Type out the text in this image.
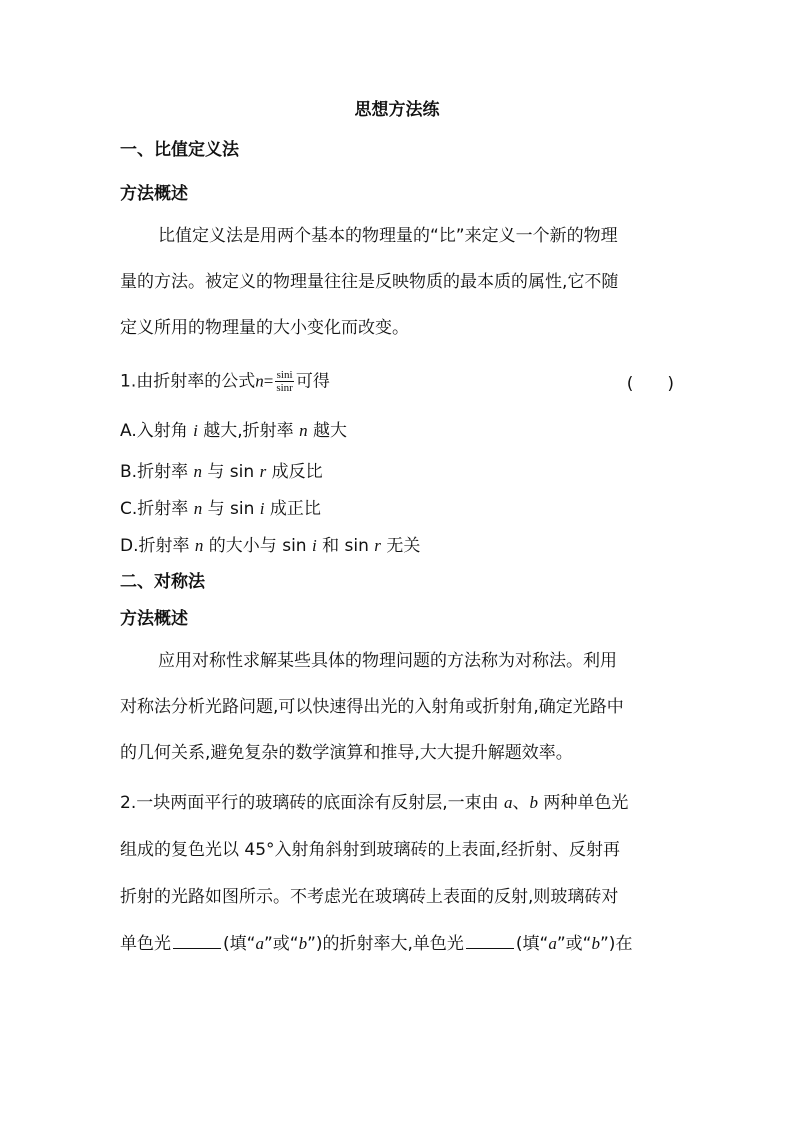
思想方法练
一、比值定义法
方法概述
比值定义法是用两个基本的物理量的“比”来定义一个新的物理
量的方法。被定义的物理量往往是反映物质的最本质的属性,它不随
定义所用的物理量的大小变化而改变。
1.由折射率的公式$n= \frac{\sin i}{\sin r}$ 可得	(　　)
A.入射角 i 越大,折射率 n 越大
B.折射率 n 与 sin r 成反比
C.折射率 n 与 sin i 成正比
D.折射率 n 的大小与 sin i 和 sin r 无关
二、对称法
方法概述
应用对称性求解某些具体的物理问题的方法称为对称法。利用
对称法分析光路问题,可以快速得出光的入射角或折射角,确定光路中
的几何关系,避免复杂的数学演算和推导,大大提升解题效率。
2.一块两面平行的玻璃砖的底面涂有反射层,一束由 a、b 两种单色光
组成的复色光以 45°入射角斜射到玻璃砖的上表面,经折射、反射再
折射的光路如图所示。不考虑光在玻璃砖上表面的反射,则玻璃砖对
单色光	(填“a”或“b”)的折射率大,单色光	(填“a”或“b”)在
